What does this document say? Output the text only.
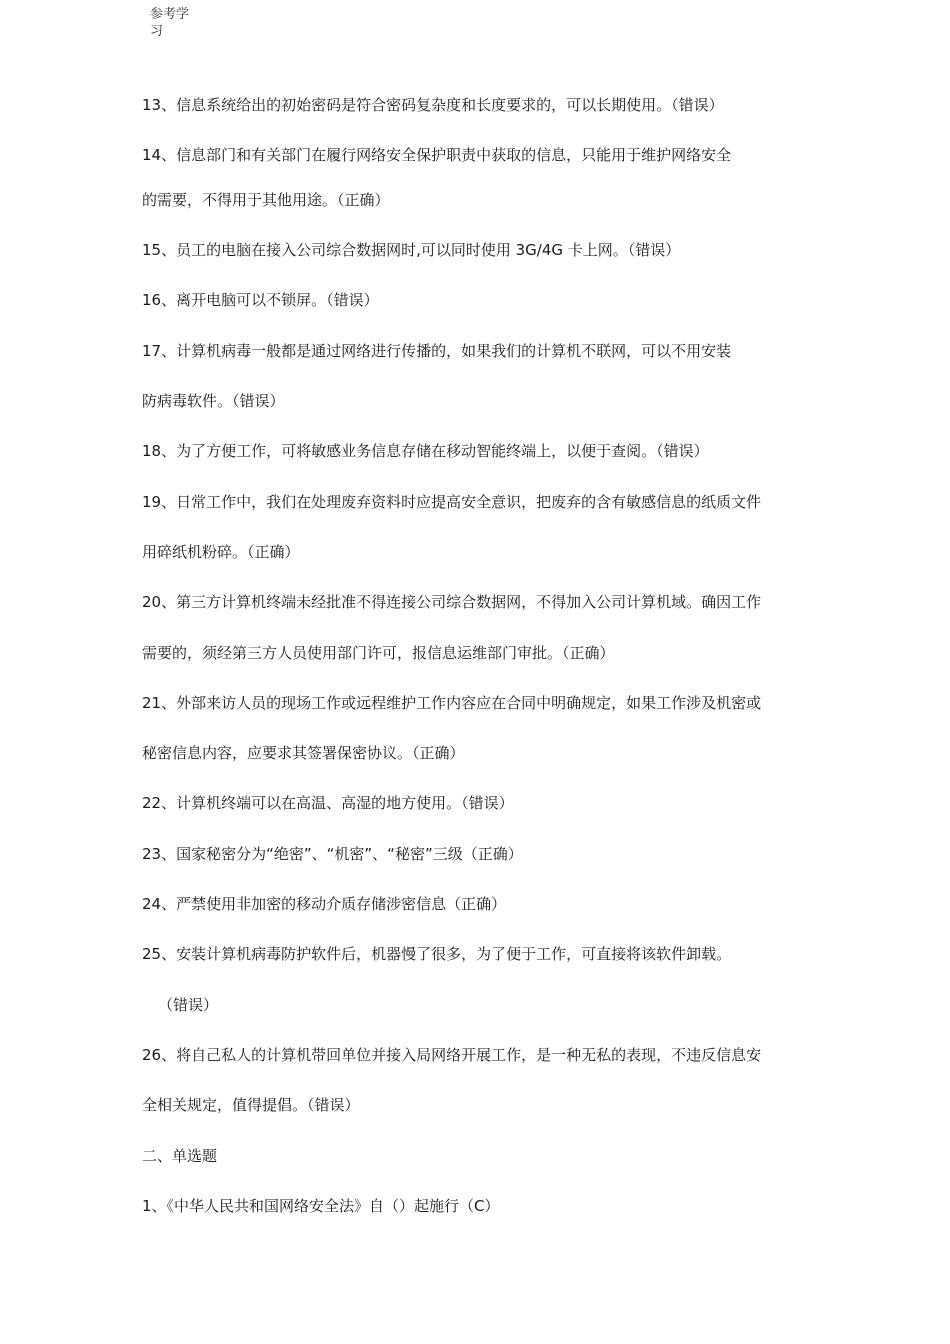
参考学习
13、信息系统给出的初始密码是符合密码复杂度和长度要求的，可以长期使用。（错误）
14、信息部门和有关部门在履行网络安全保护职责中获取的信息，只能用于维护网络安全
的需要，不得用于其他用途。（正确）
15、员工的电脑在接入公司综合数据网时,可以同时使用 3G/4G 卡上网。（错误）
16、离开电脑可以不锁屏。（错误）
17、计算机病毒一般都是通过网络进行传播的，如果我们的计算机不联网，可以不用安装
防病毒软件。（错误）
18、为了方便工作，可将敏感业务信息存储在移动智能终端上，以便于查阅。（错误）
19、日常工作中，我们在处理废弃资料时应提高安全意识，把废弃的含有敏感信息的纸质文件
用碎纸机粉碎。（正确）
20、第三方计算机终端未经批准不得连接公司综合数据网，不得加入公司计算机域。确因工作
需要的，须经第三方人员使用部门许可，报信息运维部门审批。（正确）
21、外部来访人员的现场工作或远程维护工作内容应在合同中明确规定，如果工作涉及机密或
秘密信息内容，应要求其签署保密协议。（正确）
22、计算机终端可以在高温、高湿的地方使用。（错误）
23、国家秘密分为“绝密”、“机密”、“秘密”三级（正确）
24、严禁使用非加密的移动介质存储涉密信息（正确）
25、安装计算机病毒防护软件后，机器慢了很多，为了便于工作，可直接将该软件卸载。
（错误）
26、将自己私人的计算机带回单位并接入局网络开展工作，是一种无私的表现，不违反信息安
全相关规定，值得提倡。（错误）
二、单选题
1、《中华人民共和国网络安全法》自（）起施行（C）
